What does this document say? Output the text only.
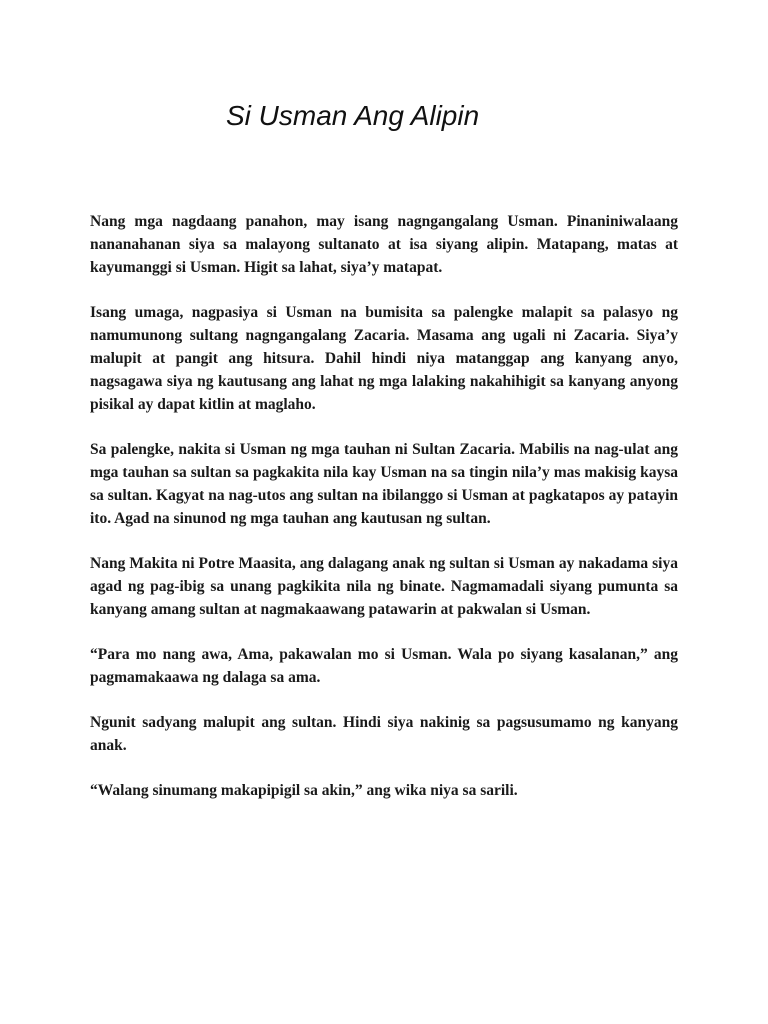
Si Usman Ang Alipin

Nang mga nagdaang panahon, may isang nagngangalang Usman. Pinaniniwalaang nananahanan siya sa malayong sultanato at isa siyang alipin. Matapang, matas at kayumanggi si Usman. Higit sa lahat, siya’y matapat.

Isang umaga, nagpasiya si Usman na bumisita sa palengke malapit sa palasyo ng namumunong sultang nagngangalang Zacaria. Masama ang ugali ni Zacaria. Siya’y malupit at pangit ang hitsura. Dahil hindi niya matanggap ang kanyang anyo, nagsagawa siya ng kautusang ang lahat ng mga lalaking nakahihigit sa kanyang anyong pisikal ay dapat kitlin at maglaho.

Sa palengke, nakita si Usman ng mga tauhan ni Sultan Zacaria. Mabilis na nag-ulat ang mga tauhan sa sultan sa pagkakita nila kay Usman na sa tingin nila’y mas makisig kaysa sa sultan. Kagyat na nag-utos ang sultan na ibilanggo si Usman at pagkatapos ay patayin ito. Agad na sinunod ng mga tauhan ang kautusan ng sultan.

Nang Makita ni Potre Maasita, ang dalagang anak ng sultan si Usman ay nakadama siya agad ng pag-ibig sa unang pagkikita nila ng binate. Nagmamadali siyang pumunta sa kanyang amang sultan at nagmakaawang patawarin at pakwalan si Usman.

“Para mo nang awa, Ama, pakawalan mo si Usman. Wala po siyang kasalanan,” ang pagmamakaawa ng dalaga sa ama.

Ngunit sadyang malupit ang sultan. Hindi siya nakinig sa pagsusumamo ng kanyang anak.

“Walang sinumang makapipigil sa akin,” ang wika niya sa sarili.
